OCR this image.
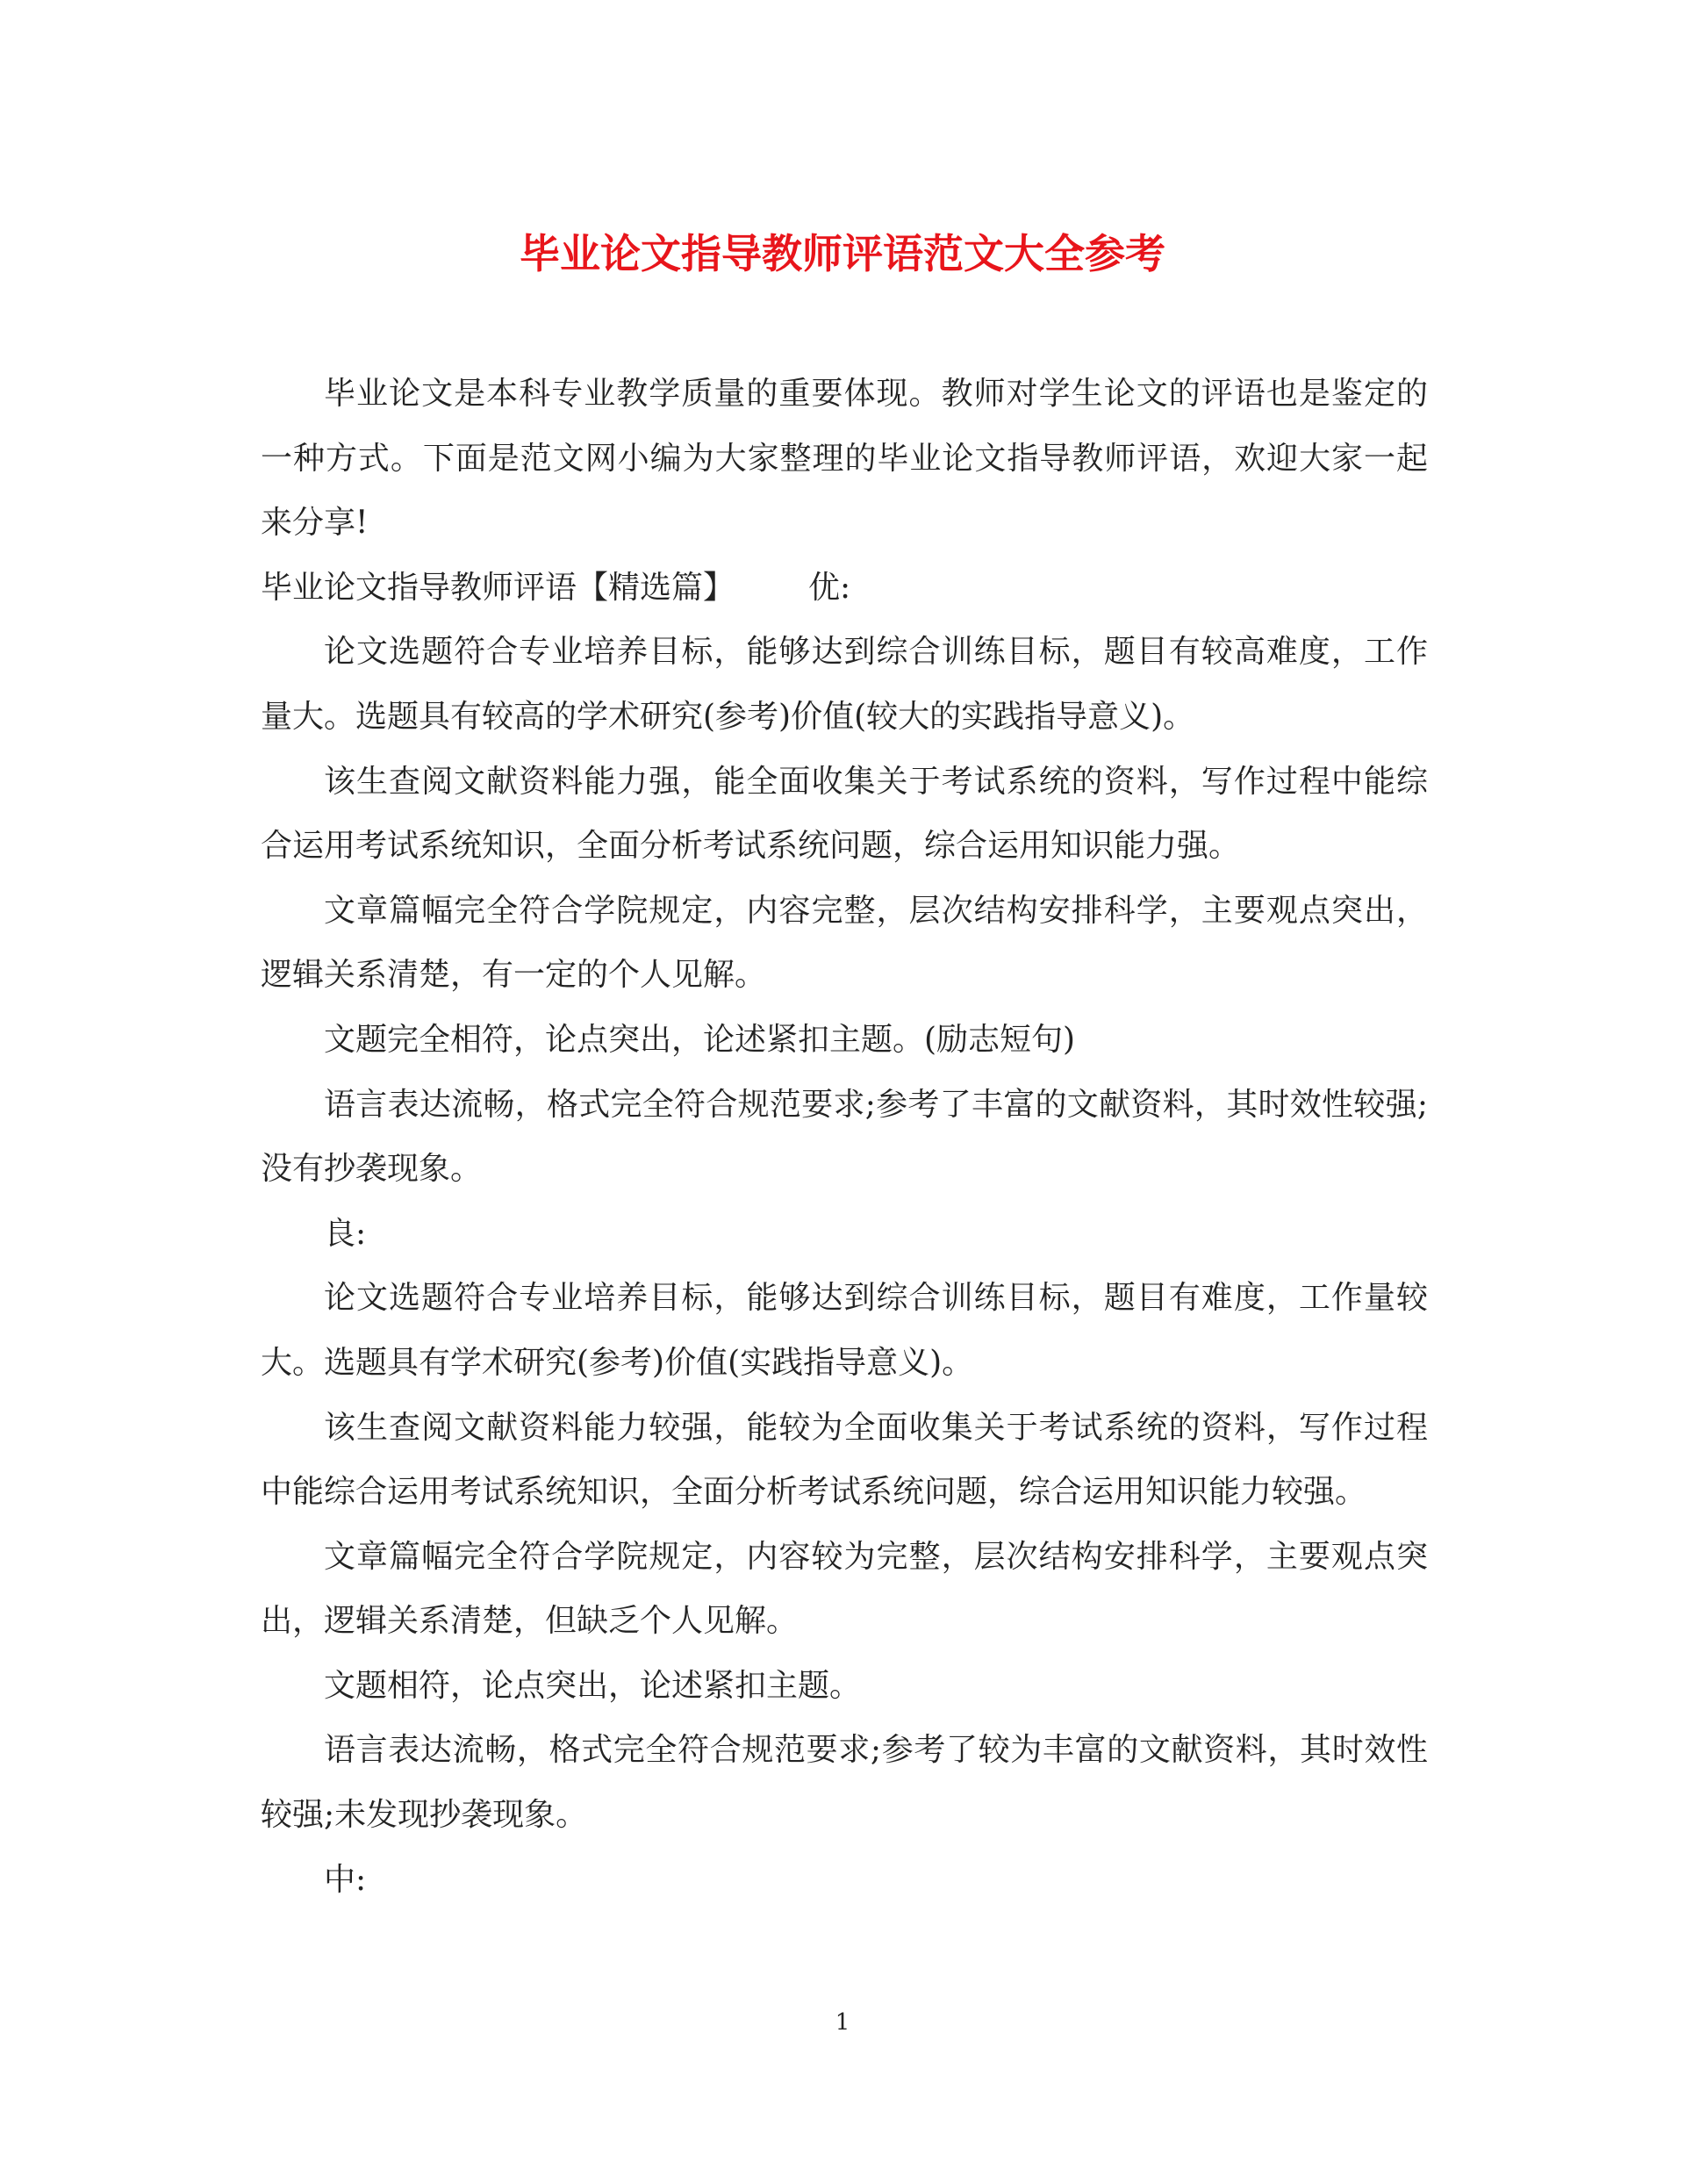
毕业论文指导教师评语范文大全参考

毕业论文是本科专业教学质量的重要体现。教师对学生论文的评语也是鉴定的一种方式。下面是范文网小编为大家整理的毕业论文指导教师评语，欢迎大家一起来分享!

毕业论文指导教师评语【精选篇】 优:

论文选题符合专业培养目标，能够达到综合训练目标，题目有较高难度，工作量大。选题具有较高的学术研究(参考)价值(较大的实践指导意义)。

该生查阅文献资料能力强，能全面收集关于考试系统的资料，写作过程中能综合运用考试系统知识，全面分析考试系统问题，综合运用知识能力强。

文章篇幅完全符合学院规定，内容完整，层次结构安排科学，主要观点突出，逻辑关系清楚，有一定的个人见解。

文题完全相符，论点突出，论述紧扣主题。(励志短句)

语言表达流畅，格式完全符合规范要求;参考了丰富的文献资料，其时效性较强;没有抄袭现象。

良:

论文选题符合专业培养目标，能够达到综合训练目标，题目有难度，工作量较大。选题具有学术研究(参考)价值(实践指导意义)。

该生查阅文献资料能力较强，能较为全面收集关于考试系统的资料，写作过程中能综合运用考试系统知识，全面分析考试系统问题，综合运用知识能力较强。

文章篇幅完全符合学院规定，内容较为完整，层次结构安排科学，主要观点突出，逻辑关系清楚，但缺乏个人见解。

文题相符，论点突出，论述紧扣主题。

语言表达流畅，格式完全符合规范要求;参考了较为丰富的文献资料，其时效性较强;未发现抄袭现象。

中:

1
